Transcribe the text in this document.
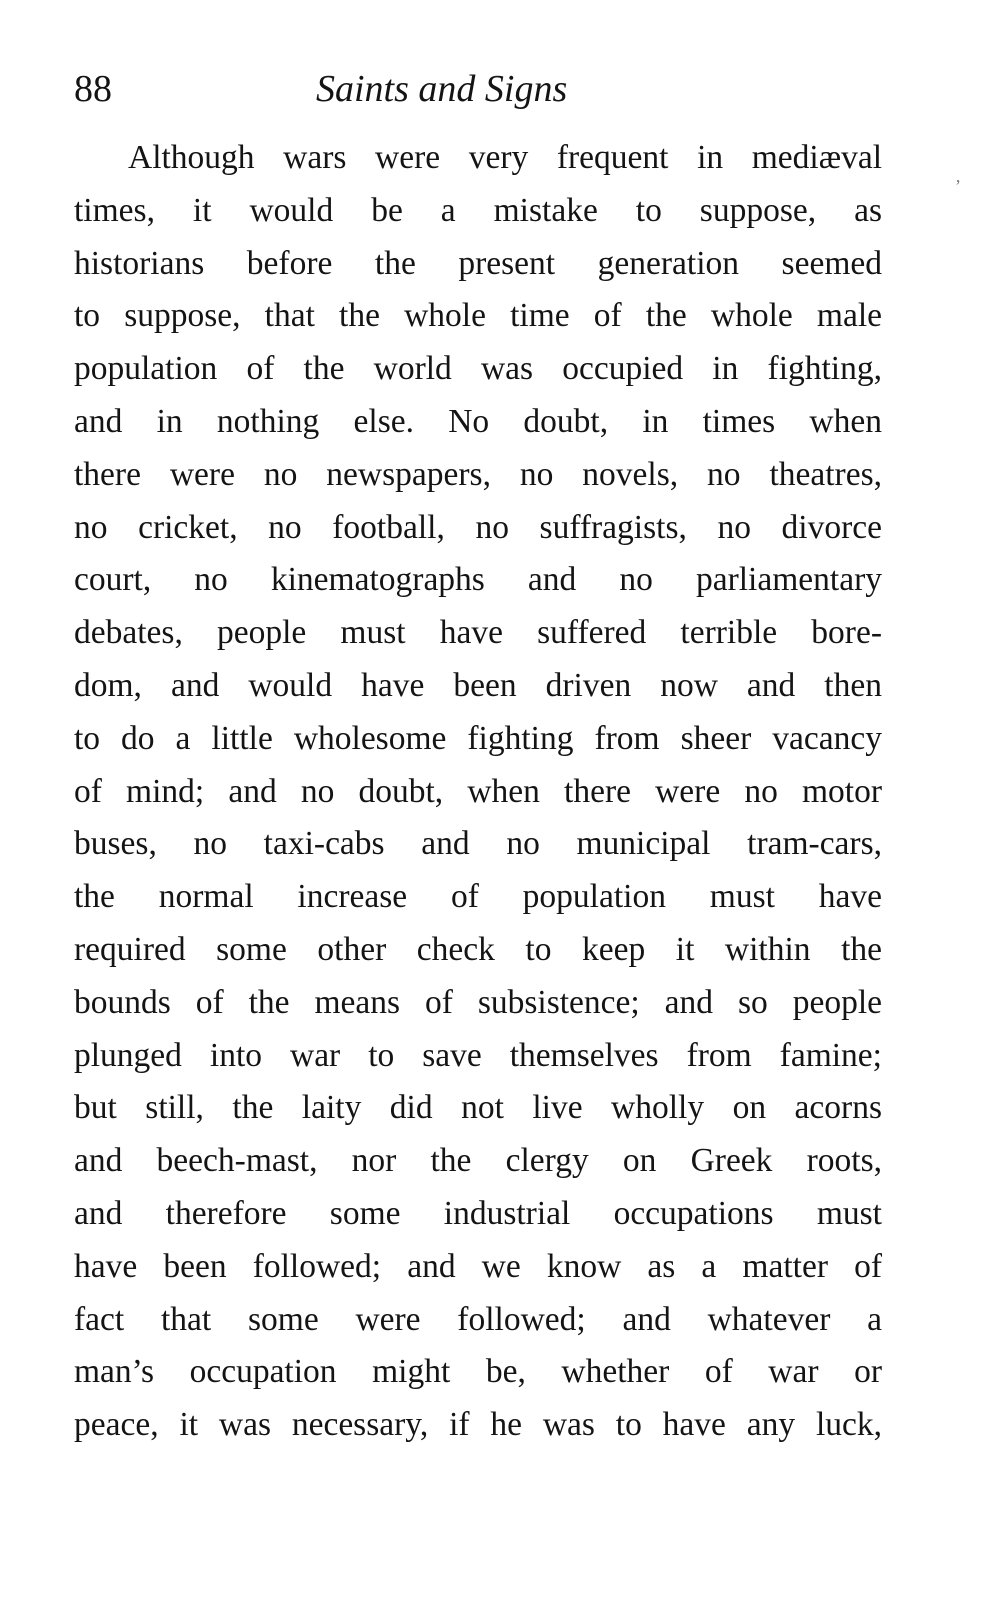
88	Saints and Signs
’
Although wars were very frequent in mediæval
times, it would be a mistake to suppose, as
historians before the present generation seemed
to suppose, that the whole time of the whole male
population of the world was occupied in fighting,
and in nothing else. No doubt, in times when
there were no newspapers, no novels, no theatres,
no cricket, no football, no suffragists, no divorce
court, no kinematographs and no parliamentary
debates, people must have suffered terrible bore-
dom, and would have been driven now and then
to do a little wholesome fighting from sheer vacancy
of mind; and no doubt, when there were no motor
buses, no taxi-cabs and no municipal tram-cars,
the normal increase of population must have
required some other check to keep it within the
bounds of the means of subsistence; and so people
plunged into war to save themselves from famine;
but still, the laity did not live wholly on acorns
and beech-mast, nor the clergy on Greek roots,
and therefore some industrial occupations must
have been followed; and we know as a matter of
fact that some were followed; and whatever a
man’s occupation might be, whether of war or
peace, it was necessary, if he was to have any luck,
